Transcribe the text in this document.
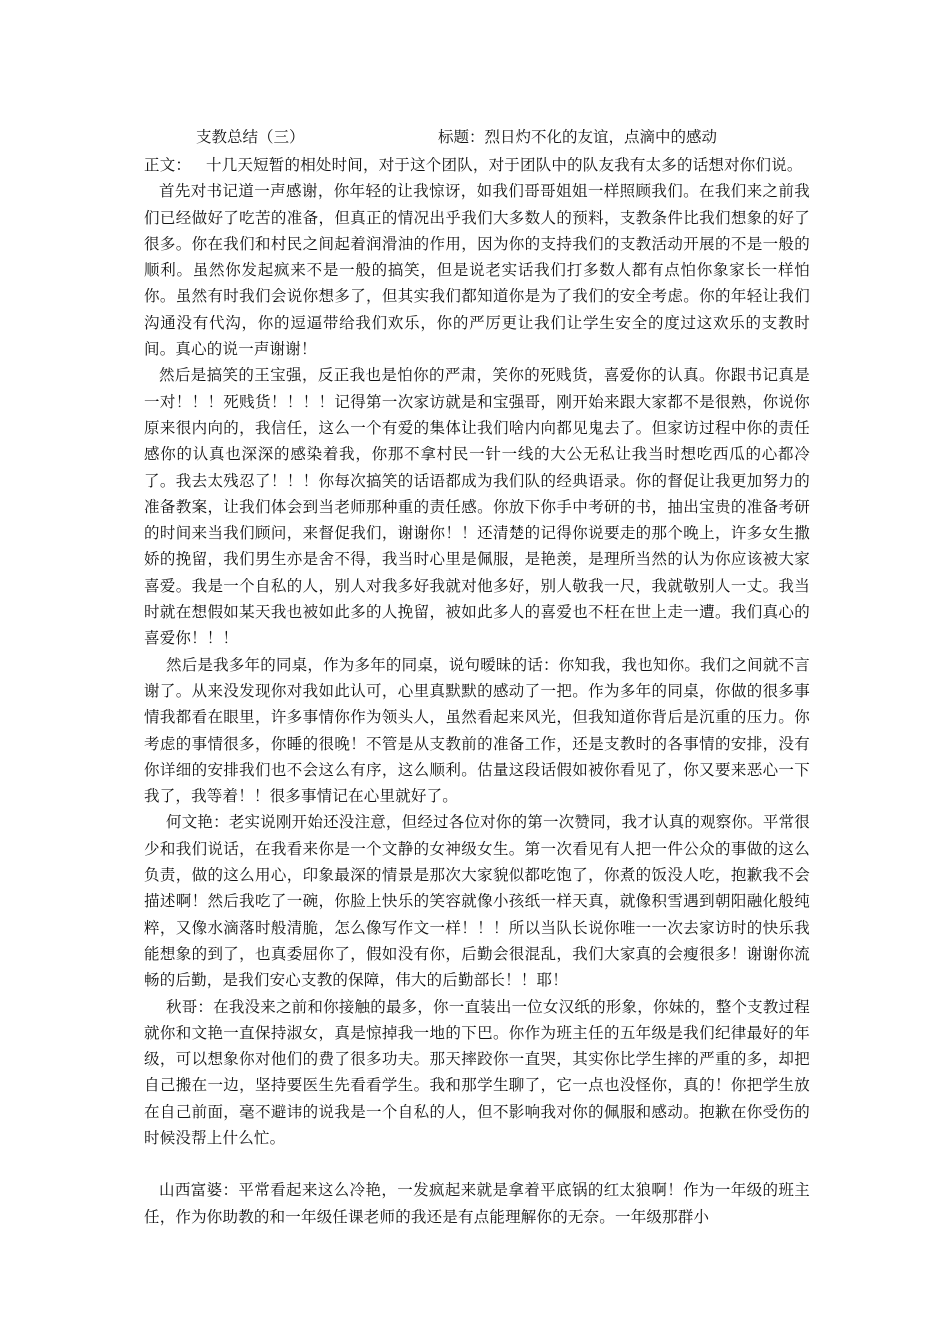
支教总结（三）	标题：烈日灼不化的友谊，点滴中的感动

正文： 十几天短暂的相处时间，对于这个团队，对于团队中的队友我有太多的话想对你们说。

首先对书记道一声感谢，你年轻的让我惊讶，如我们哥哥姐姐一样照顾我们。在我们来之前我们已经做好了吃苦的准备，但真正的情况出乎我们大多数人的预料，支教条件比我们想象的好了很多。你在我们和村民之间起着润滑油的作用，因为你的支持我们的支教活动开展的不是一般的顺利。虽然你发起疯来不是一般的搞笑，但是说老实话我们打多数人都有点怕你象家长一样怕你。虽然有时我们会说你想多了，但其实我们都知道你是为了我们的安全考虑。你的年轻让我们沟通没有代沟，你的逗逼带给我们欢乐，你的严厉更让我们让学生安全的度过这欢乐的支教时间。真心的说一声谢谢！

然后是搞笑的王宝强，反正我也是怕你的严肃，笑你的死贱货，喜爱你的认真。你跟书记真是一对！！！死贱货！！！！记得第一次家访就是和宝强哥，刚开始来跟大家都不是很熟，你说你原来很内向的，我信任，这么一个有爱的集体让我们啥内向都见鬼去了。但家访过程中你的责任感你的认真也深深的感染着我，你那不拿村民一针一线的大公无私让我当时想吃西瓜的心都冷了。我去太残忍了！！！你每次搞笑的话语都成为我们队的经典语录。你的督促让我更加努力的准备教案，让我们体会到当老师那种重的责任感。你放下你手中考研的书，抽出宝贵的准备考研的时间来当我们顾问，来督促我们，谢谢你！！还清楚的记得你说要走的那个晚上，许多女生撒娇的挽留，我们男生亦是舍不得，我当时心里是佩服，是艳羡，是理所当然的认为你应该被大家喜爱。我是一个自私的人，别人对我多好我就对他多好，别人敬我一尺，我就敬别人一丈。我当时就在想假如某天我也被如此多的人挽留，被如此多人的喜爱也不枉在世上走一遭。我们真心的喜爱你！！！

然后是我多年的同桌，作为多年的同桌，说句暧昧的话：你知我，我也知你。我们之间就不言谢了。从来没发现你对我如此认可，心里真默默的感动了一把。作为多年的同桌，你做的很多事情我都看在眼里，许多事情你作为领头人，虽然看起来风光，但我知道你背后是沉重的压力。你考虑的事情很多，你睡的很晚！不管是从支教前的准备工作，还是支教时的各事情的安排，没有你详细的安排我们也不会这么有序，这么顺利。估量这段话假如被你看见了，你又要来恶心一下我了，我等着！！很多事情记在心里就好了。

何文艳：老实说刚开始还没注意，但经过各位对你的第一次赞同，我才认真的观察你。平常很少和我们说话，在我看来你是一个文静的女神级女生。第一次看见有人把一件公众的事做的这么负责，做的这么用心，印象最深的情景是那次大家貌似都吃饱了，你煮的饭没人吃，抱歉我不会描述啊！然后我吃了一碗，你脸上快乐的笑容就像小孩纸一样天真，就像积雪遇到朝阳融化般纯粹，又像水滴落时般清脆，怎么像写作文一样！！！所以当队长说你唯一一次去家访时的快乐我能想象的到了，也真委屈你了，假如没有你，后勤会很混乱，我们大家真的会瘦很多！谢谢你流畅的后勤，是我们安心支教的保障，伟大的后勤部长！！耶！

秋哥：在我没来之前和你接触的最多，你一直装出一位女汉纸的形象，你妹的，整个支教过程就你和文艳一直保持淑女，真是惊掉我一地的下巴。你作为班主任的五年级是我们纪律最好的年级，可以想象你对他们的费了很多功夫。那天摔跤你一直哭，其实你比学生摔的严重的多，却把自己搬在一边，坚持要医生先看看学生。我和那学生聊了，它一点也没怪你，真的！你把学生放在自己前面，毫不避讳的说我是一个自私的人，但不影响我对你的佩服和感动。抱歉在你受伤的时候没帮上什么忙。

山西富婆：平常看起来这么冷艳，一发疯起来就是拿着平底锅的红太狼啊！作为一年级的班主任，作为你助教的和一年级任课老师的我还是有点能理解你的无奈。一年级那群小
